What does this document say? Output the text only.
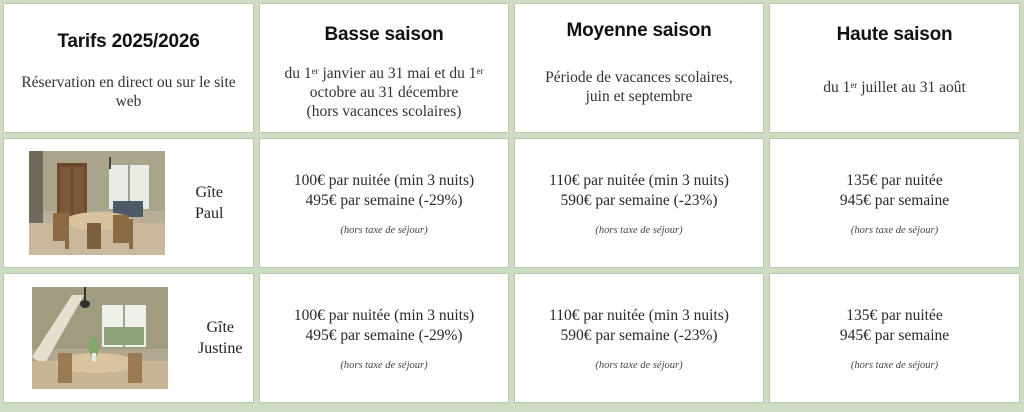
Tarifs 2025/2026
Réservation en direct ou sur le site web
Basse saison
du 1er janvier au 31 mai et du 1er
octobre au 31 décembre
(hors vacances scolaires)
Moyenne saison
Période de vacances scolaires,
juin et septembre
Haute saison
du 1er juillet au 31 août
Gîte
Paul
100€ par nuitée (min 3 nuits)
495€ par semaine (-29%)
(hors taxe de séjour)
110€ par nuitée (min 3 nuits)
590€ par semaine (-23%)
(hors taxe de séjour)
135€ par nuitée
945€ par semaine
(hors taxe de séjour)
Gîte
Justine
100€ par nuitée (min 3 nuits)
495€ par semaine (-29%)
(hors taxe de séjour)
110€ par nuitée (min 3 nuits)
590€ par semaine (-23%)
(hors taxe de séjour)
135€ par nuitée
945€ par semaine
(hors taxe de séjour)
